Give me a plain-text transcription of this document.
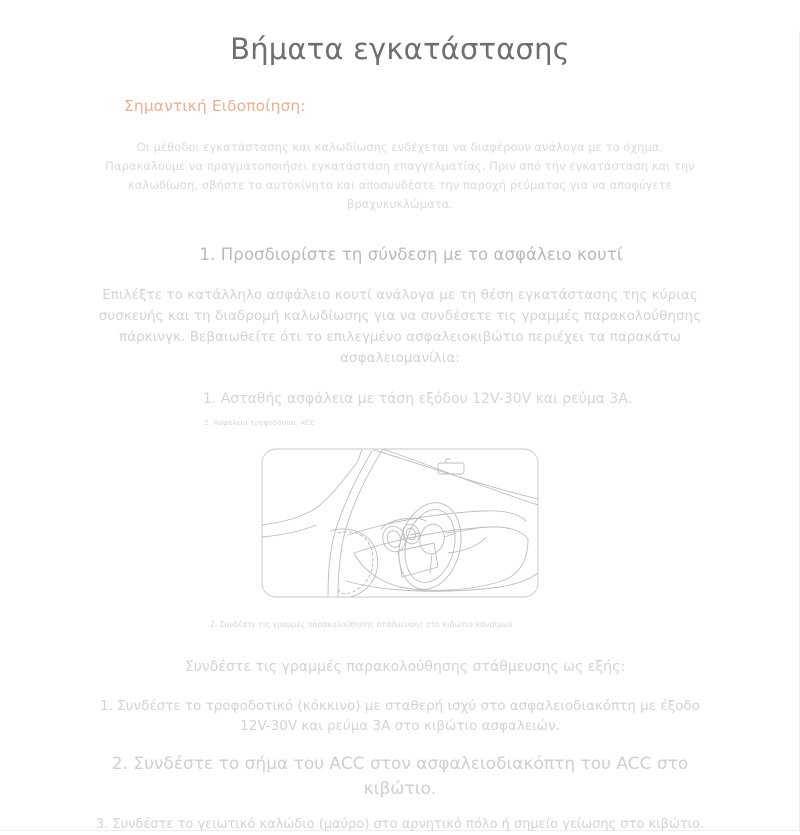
Βήματα εγκατάστασης
Σημαντική Ειδοποίηση:

Οι μέθοδοι εγκατάστασης και καλωδίωσης ενδέχεται να διαφέρουν ανάλογα με το όχημα. Παρακαλούμε να πραγματοποιήσει εγκατάσταση επαγγελματίας. Πριν από την εγκατάσταση και την καλωδίωση, σβήστε το αυτοκίνητο και αποσυνδέστε την παροχή ρεύματος για να αποφύγετε βραχυκυκλώματα.

1. Προσδιορίστε τη σύνδεση με το ασφάλειο κουτί

Επιλέξτε το κατάλληλο ασφάλειο κουτί ανάλογα με τη θέση εγκατάστασης της κύριας συσκευής και τη διαδρομή καλωδίωσης για να συνδέσετε τις γραμμές παρακολούθησης πάρκινγκ. Βεβαιωθείτε ότι το επιλεγμένο ασφαλειοκιβώτιο περιέχει τα παρακάτω ασφαλειομανίλια:

1. Ασταθής ασφάλεια με τάση εξόδου 12V-30V και ρεύμα 3A.
2. Ασφάλεια τροφοδοσίας ACC
2. Συνδέστε τις γραμμές παρακολούθησης στάθμευσης στο κιβώτιο καυσίμων
Συνδέστε τις γραμμές παρακολούθησης στάθμευσης ως εξής:
1. Συνδέστε το τροφοδοτικό (κόκκινο) με σταθερή ισχύ στο ασφαλειοδιακόπτη με έξοδο 12V-30V και ρεύμα 3A στο κιβώτιο ασφαλειών.
2. Συνδέστε το σήμα του ACC στον ασφαλειοδιακόπτη του ACC στο κιβώτιο.
3. Συνδέστε το γειωτικό καλώδιο (μαύρο) στο αρνητικό πόλο ή σημείο γείωσης στο κιβώτιο.
